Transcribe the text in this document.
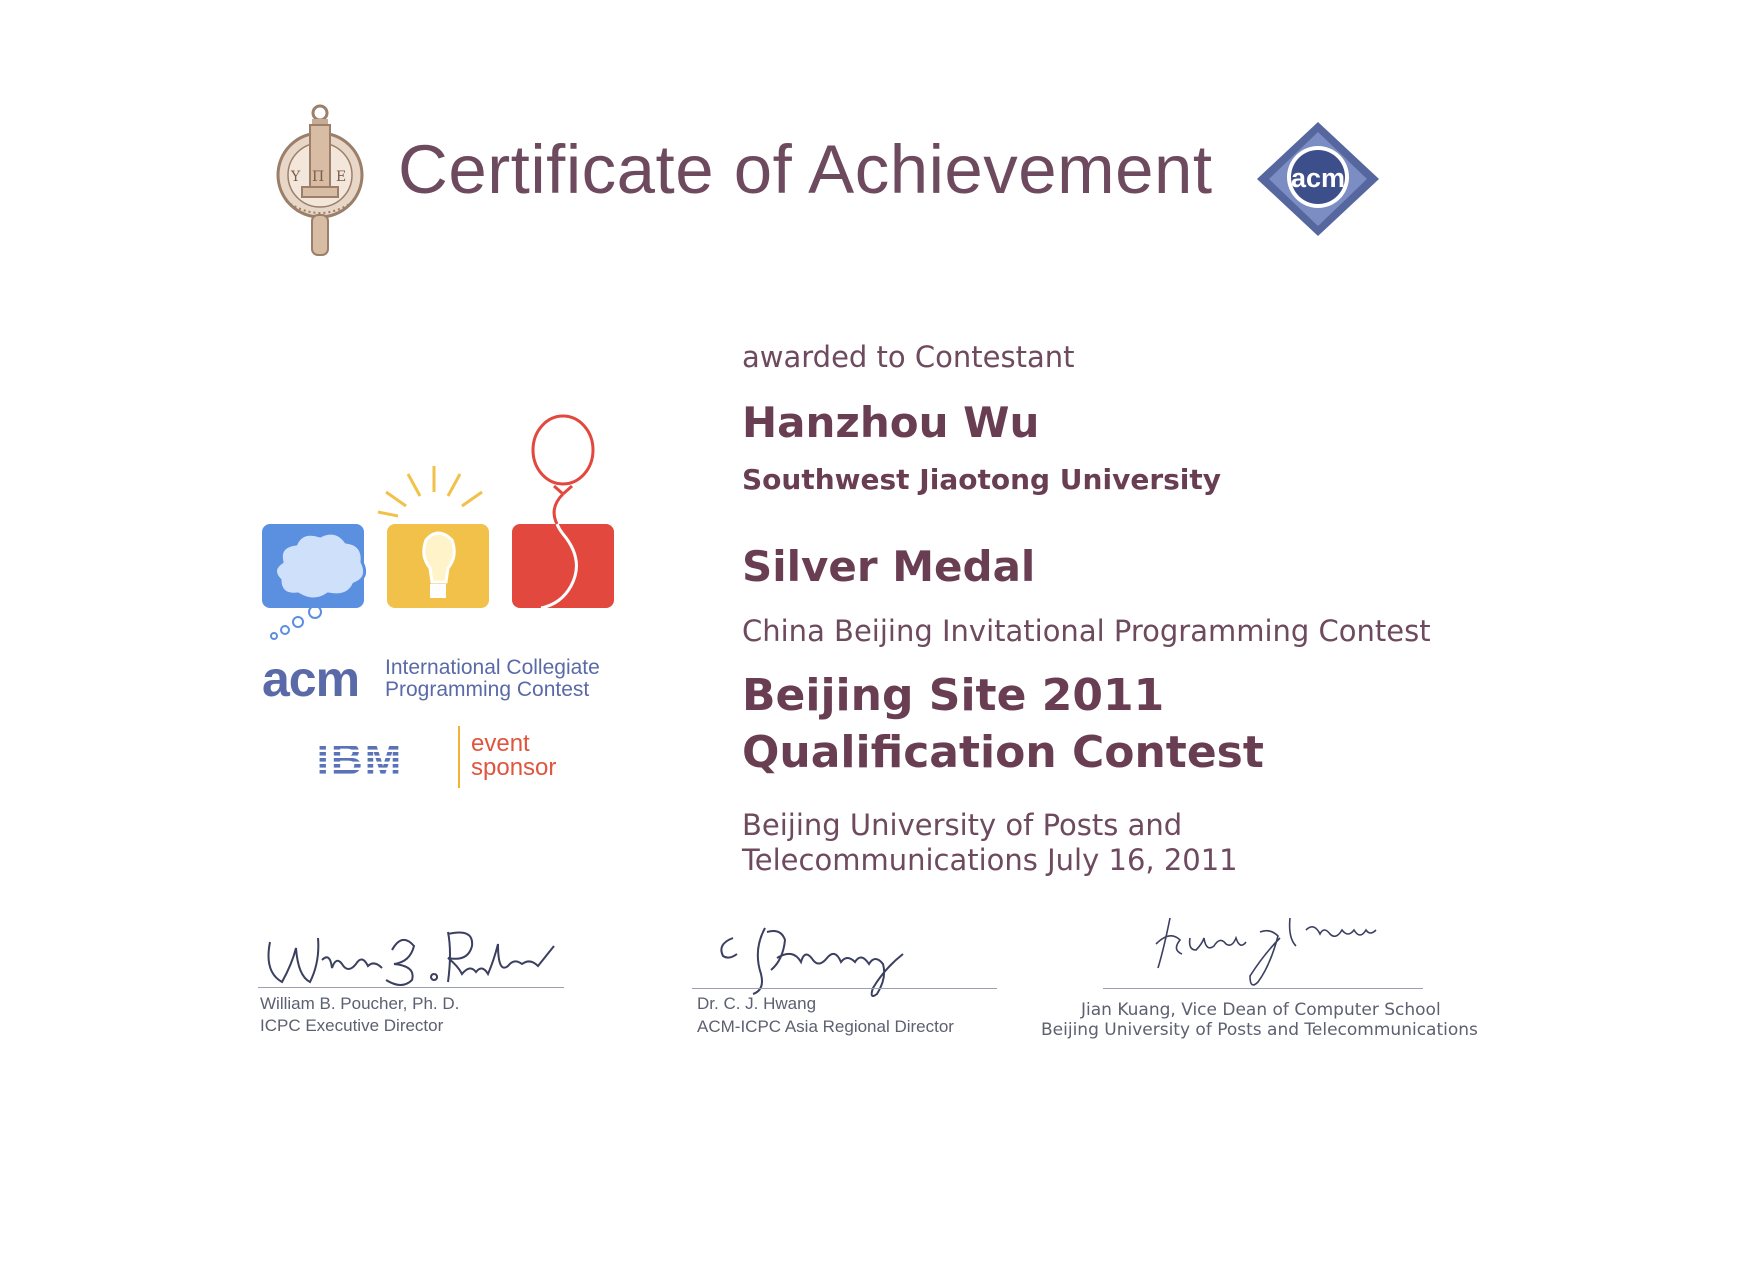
Υ Π Ε Certificate of Achievement	acm
acm International Collegiate
Programming Contest
IBM	event
sponsor
awarded to Contestant
Hanzhou Wu
Southwest Jiaotong University
Silver Medal
China Beijing Invitational Programming Contest
Beijing Site 2011
Qualification Contest
Beijing University of Posts and
Telecommunications July 16, 2011
William B. Poucher, Ph. D.
ICPC Executive Director
Dr. C. J. Hwang
ACM-ICPC Asia Regional Director
Jian Kuang, Vice Dean of Computer School
Beijing University of Posts and Telecommunications
